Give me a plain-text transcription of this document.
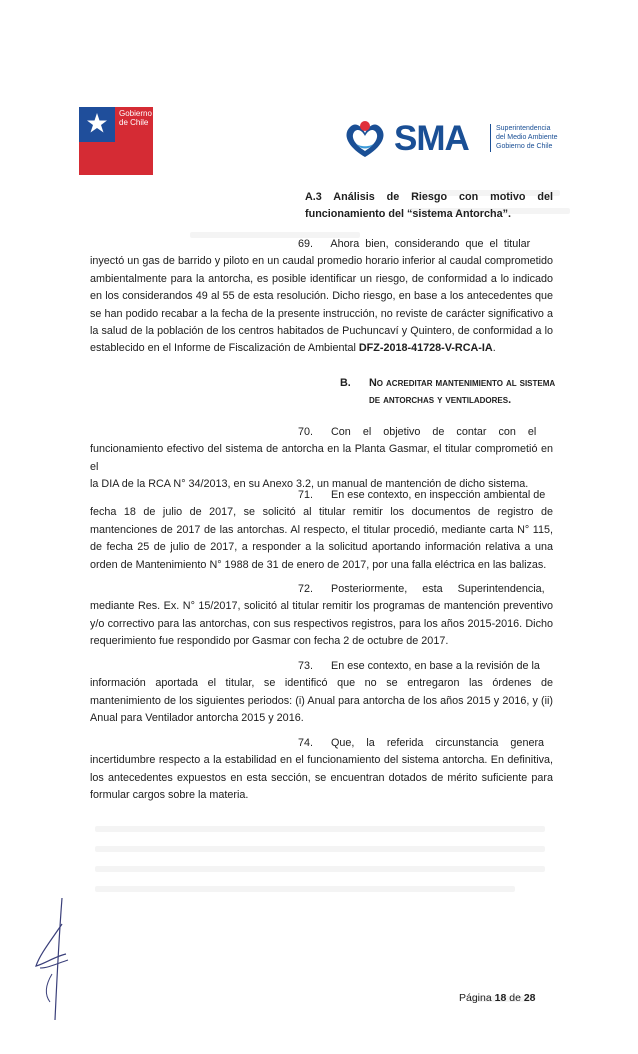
Gobierno
de Chile	SMA	Superintendencia
del Medio Ambiente
Gobierno de Chile
A.3   Análisis   de   Riesgo   con   motivo   del
funcionamiento del “sistema Antorcha”.
69.      Ahora  bien,  considerando  que  el  titular
inyectó un gas de barrido y piloto en un caudal promedio horario inferior al caudal comprometido
ambientalmente para la antorcha, es posible identificar un riesgo, de conformidad a lo indicado
en los considerandos 49 al 55 de esta resolución. Dicho riesgo, en base a los antecedentes que
se han podido recabar a la fecha de la presente instrucción, no reviste de carácter significativo a
la salud de la población de los centros habitados de Puchuncaví y Quintero, de conformidad a lo
establecido en el Informe de Fiscalización de Ambiental DFZ-2018-41728-V-RCA-IA.
B. No acreditar mantenimiento al sistema
de antorchas y ventiladores.
70.      Con    el    objetivo    de    contar    con    el
funcionamiento efectivo del sistema de antorcha en la Planta Gasmar, el titular comprometió en el
la DIA de la RCA N° 34/2013, en su Anexo 3.2, un manual de mantención de dicho sistema.
71.      En ese contexto, en inspección ambiental de
fecha 18 de julio de 2017, se solicitó al titular remitir los documentos de registro de
mantenciones de 2017 de las antorchas. Al respecto, el titular procedió, mediante carta N° 115,
de fecha 25 de julio de 2017, a responder a la solicitud aportando información relativa a una
orden de Mantenimiento N° 1988 de 31 de enero de 2017, por una falla eléctrica en las balizas.
72.      Posteriormente,     esta     Superintendencia,
mediante Res. Ex. N° 15/2017, solicitó al titular remitir los programas de mantención preventivo
y/o correctivo para las antorchas, con sus respectivos registros, para los años 2015-2016. Dicho
requerimiento fue respondido por Gasmar con fecha 2 de octubre de 2017.
73.      En ese contexto, en base a la revisión de la
información  aportada  el  titular,  se  identificó  que  no  se  entregaron  las  órdenes  de
mantenimiento de los siguientes periodos: (i) Anual para antorcha de los años 2015 y 2016, y (ii)
Anual para Ventilador antorcha 2015 y 2016.
74.      Que,    la    referida    circunstancia    genera
incertidumbre respecto a la estabilidad en el funcionamiento del sistema antorcha. En definitiva,
los antecedentes expuestos en esta sección, se encuentran dotados de mérito suficiente para
formular cargos sobre la materia.
Página 18 de 28
